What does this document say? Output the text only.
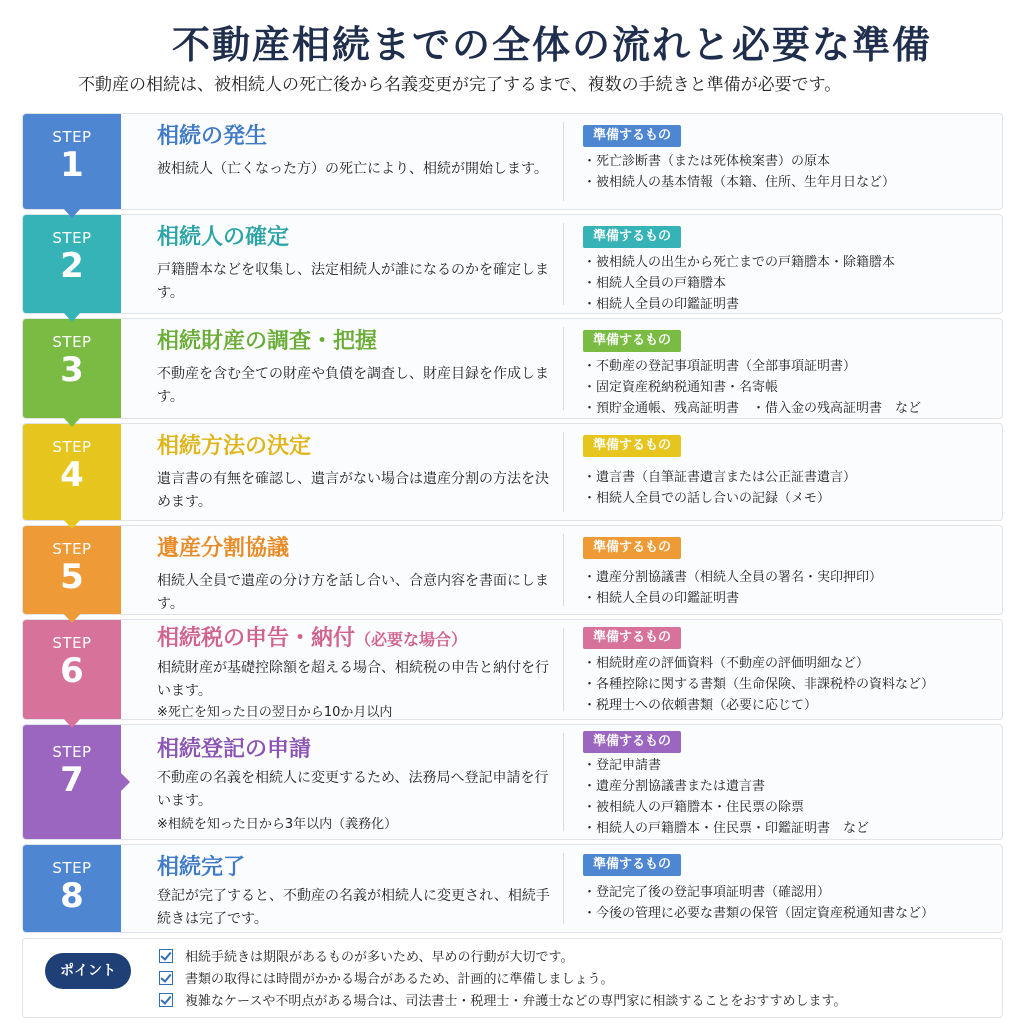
不動産相続までの全体の流れと必要な準備
不動産の相続は、被相続人の死亡後から名義変更が完了するまで、複数の手続きと準備が必要です。
STEP
1
相続の発生
被相続人（亡くなった方）の死亡により、相続が開始します。
準備するもの
・ 死亡診断書（または死体検案書）の原本
・ 被相続人の基本情報（本籍、住所、生年月日など）
STEP
2
相続人の確定
戸籍謄本などを収集し、法定相続人が誰になるのかを確定します。
準備するもの
・ 被相続人の出生から死亡までの戸籍謄本・除籍謄本
・ 相続人全員の戸籍謄本
・ 相続人全員の印鑑証明書
STEP
3
相続財産の調査・把握
不動産を含む全ての財産や負債を調査し、財産目録を作成します。
準備するもの
・ 不動産の登記事項証明書（全部事項証明書）
・ 固定資産税納税通知書・名寄帳
・ 預貯金通帳、残高証明書　・借入金の残高証明書　など
STEP
4
相続方法の決定
遺言書の有無を確認し、遺言がない場合は遺産分割の方法を決めます。
準備するもの
・ 遺言書（自筆証書遺言または公正証書遺言）
・ 相続人全員での話し合いの記録（メモ）
STEP
5
遺産分割協議
相続人全員で遺産の分け方を話し合い、合意内容を書面にします。
準備するもの
・ 遺産分割協議書（相続人全員の署名・実印押印）
・ 相続人全員の印鑑証明書
STEP
6
相続税の申告・納付（必要な場合）
相続財産が基礎控除額を超える場合、相続税の申告と納付を行います。
※死亡を知った日の翌日から10か月以内
準備するもの
・ 相続財産の評価資料（不動産の評価明細など）
・ 各種控除に関する書類（生命保険、非課税枠の資料など）
・ 税理士への依頼書類（必要に応じて）
STEP
7
相続登記の申請
不動産の名義を相続人に変更するため、法務局へ登記申請を行います。
※相続を知った日から3年以内（義務化）
準備するもの
・ 登記申請書
・ 遺産分割協議書または遺言書
・ 被相続人の戸籍謄本・住民票の除票
・ 相続人の戸籍謄本・住民票・印鑑証明書　など
STEP
8
相続完了
登記が完了すると、不動産の名義が相続人に変更され、相続手続きは完了です。
準備するもの
・ 登記完了後の登記事項証明書（確認用）
・ 今後の管理に必要な書類の保管（固定資産税通知書など）
ポイント
相続手続きは期限があるものが多いため、早めの行動が大切です。
書類の取得には時間がかかる場合があるため、計画的に準備しましょう。
複雑なケースや不明点がある場合は、司法書士・税理士・弁護士などの専門家に相談することをおすすめします。
